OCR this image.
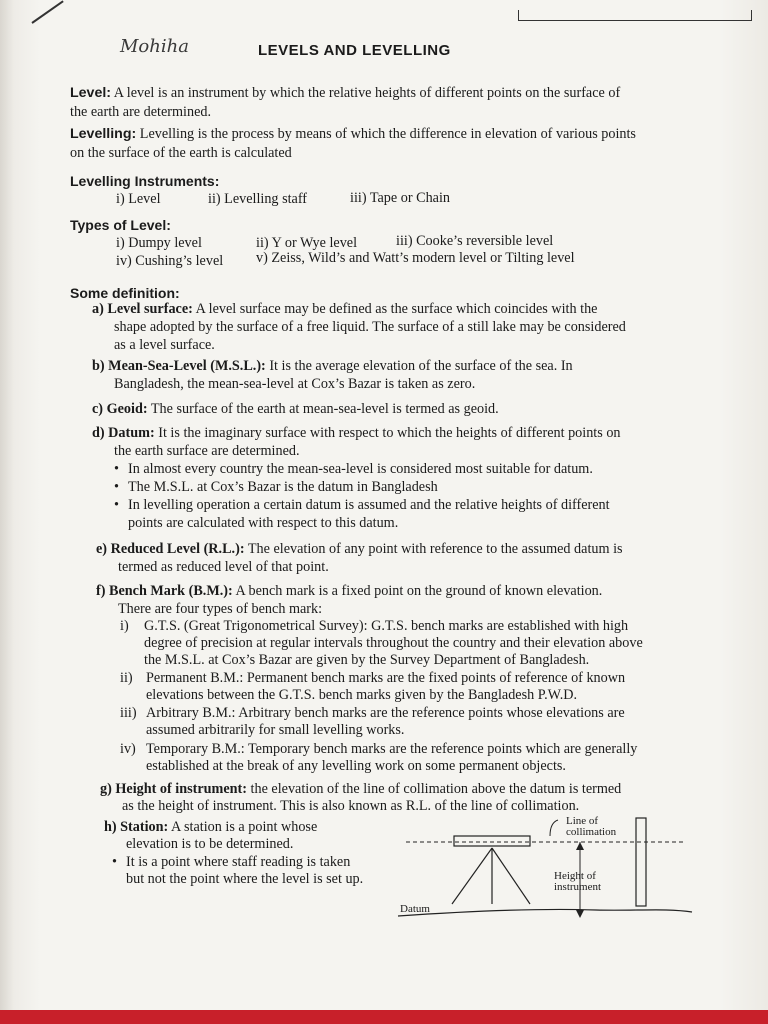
Mohiha	LEVELS AND LEVELLING
Level: A level is an instrument by which the relative heights of different points on the surface of
the earth are determined.
Levelling: Levelling is the process by means of which the difference in elevation of various points
on the surface of the earth is calculated
Levelling Instruments:
i) Level	ii) Levelling staff	iii) Tape or Chain
Types of Level:
i) Dumpy level	ii) Y or Wye level	iii) Cooke’s reversible level
iv) Cushing’s level v) Zeiss, Wild’s and Watt’s modern level or Tilting level
Some definition:
a) Level surface: A level surface may be defined as the surface which coincides with the
shape adopted by the surface of a free liquid. The surface of a still lake may be considered
as a level surface.
b) Mean-Sea-Level (M.S.L.): It is the average elevation of the surface of the sea. In
Bangladesh, the mean-sea-level at Cox’s Bazar is taken as zero.
c) Geoid: The surface of the earth at mean-sea-level is termed as geoid.
d) Datum: It is the imaginary surface with respect to which the heights of different points on
the earth surface are determined.
• In almost every country the mean-sea-level is considered most suitable for datum.
• The M.S.L. at Cox’s Bazar is the datum in Bangladesh
• In levelling operation a certain datum is assumed and the relative heights of different
points are calculated with respect to this datum.
e) Reduced Level (R.L.): The elevation of any point with reference to the assumed datum is
termed as reduced level of that point.
f) Bench Mark (B.M.): A bench mark is a fixed point on the ground of known elevation.
There are four types of bench mark:
i) G.T.S. (Great Trigonometrical Survey): G.T.S. bench marks are established with high
degree of precision at regular intervals throughout the country and their elevation above
the M.S.L. at Cox’s Bazar are given by the Survey Department of Bangladesh.
ii) Permanent B.M.: Permanent bench marks are the fixed points of reference of known
elevations between the G.T.S. bench marks given by the Bangladesh P.W.D.
iii) Arbitrary B.M.: Arbitrary bench marks are the reference points whose elevations are
assumed arbitrarily for small levelling works.
iv) Temporary B.M.: Temporary bench marks are the reference points which are generally
established at the break of any levelling work on some permanent objects.
g) Height of instrument: the elevation of the line of collimation above the datum is termed
as the height of instrument. This is also known as R.L. of the line of collimation.
h) Station: A station is a point whose
elevation is to be determined.
• It is a point where staff reading is taken
but not the point where the level is set up.
Line of
collimation
Height of
instrument
Datum
